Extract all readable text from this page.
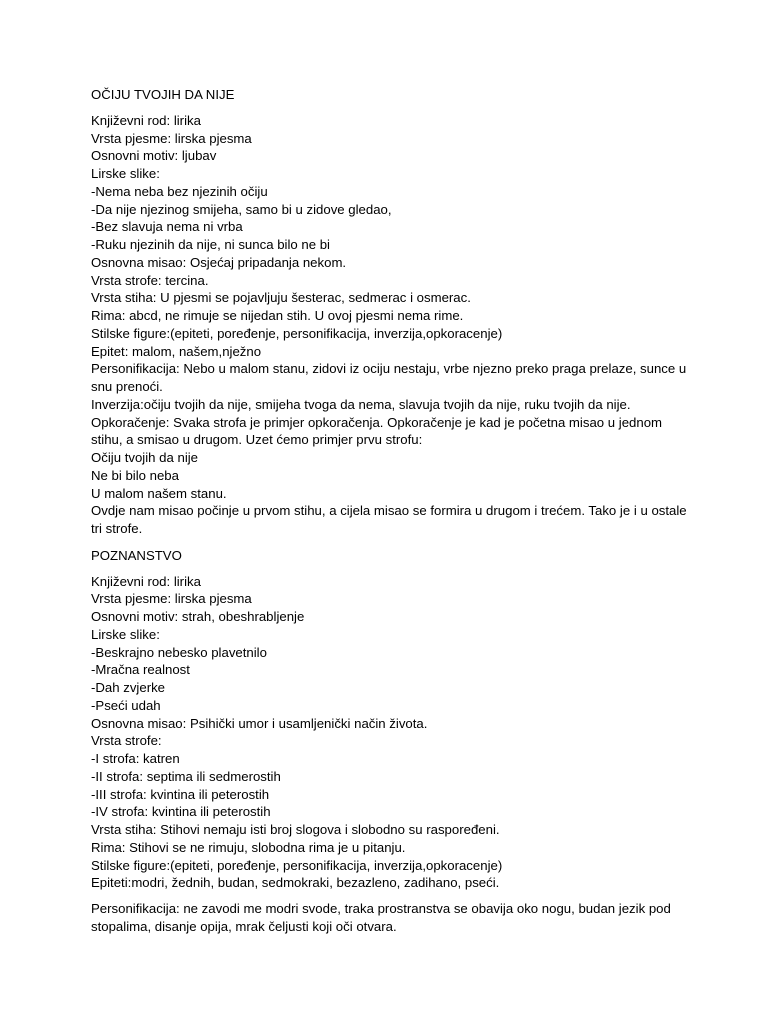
OČIJU TVOJIH DA NIJE

Književni rod: lirika

Vrsta pjesme: lirska pjesma

Osnovni motiv: ljubav

Lirske slike:

-Nema neba bez njezinih očiju

-Da nije njezinog smijeha, samo bi u zidove gledao,

-Bez slavuja nema ni vrba

-Ruku njezinih da nije, ni sunca bilo ne bi

Osnovna misao: Osjećaj pripadanja nekom.

Vrsta strofe: tercina.

Vrsta stiha: U pjesmi se pojavljuju šesterac, sedmerac i osmerac.

Rima: abcd, ne rimuje se nijedan stih. U ovoj pjesmi nema rime.

Stilske figure:(epiteti, poređenje, personifikacija, inverzija,opkoracenje)

Epitet: malom, našem,nježno

Personifikacija: Nebo u malom stanu, zidovi iz ociju nestaju, vrbe njezno preko praga prelaze, sunce u snu prenoći.

Inverzija:očiju tvojih da nije, smijeha tvoga da nema, slavuja tvojih da nije, ruku tvojih da nije.

Opkoračenje: Svaka strofa je primjer opkoračenja. Opkoračenje je kad je početna misao u jednom stihu, a smisao u drugom. Uzet ćemo primjer prvu strofu:

Očiju tvojih da nije

Ne bi bilo neba

U malom našem stanu.

Ovdje nam misao počinje u prvom stihu, a cijela misao se formira u drugom i trećem. Tako je i u ostale tri strofe.

POZNANSTVO

Književni rod: lirika

Vrsta pjesme: lirska pjesma

Osnovni motiv: strah, obeshrabljenje

Lirske slike:

-Beskrajno nebesko plavetnilo

-Mračna realnost

-Dah zvjerke

-Pseći udah

Osnovna misao: Psihički umor i usamljenički način života.

Vrsta strofe:

-I strofa: katren

-II strofa: septima ili sedmerostih

-III strofa: kvintina ili peterostih

-IV strofa: kvintina ili peterostih

Vrsta stiha: Stihovi nemaju isti broj slogova i slobodno su raspoređeni.

Rima: Stihovi se ne rimuju, slobodna rima je u pitanju.

Stilske figure:(epiteti, poređenje, personifikacija, inverzija,opkoracenje)

Epiteti:modri, žednih, budan, sedmokraki, bezazleno, zadihano, pseći.

Personifikacija: ne zavodi me modri svode, traka prostranstva se obavija oko nogu, budan jezik pod stopalima, disanje opija, mrak čeljusti koji oči otvara.
